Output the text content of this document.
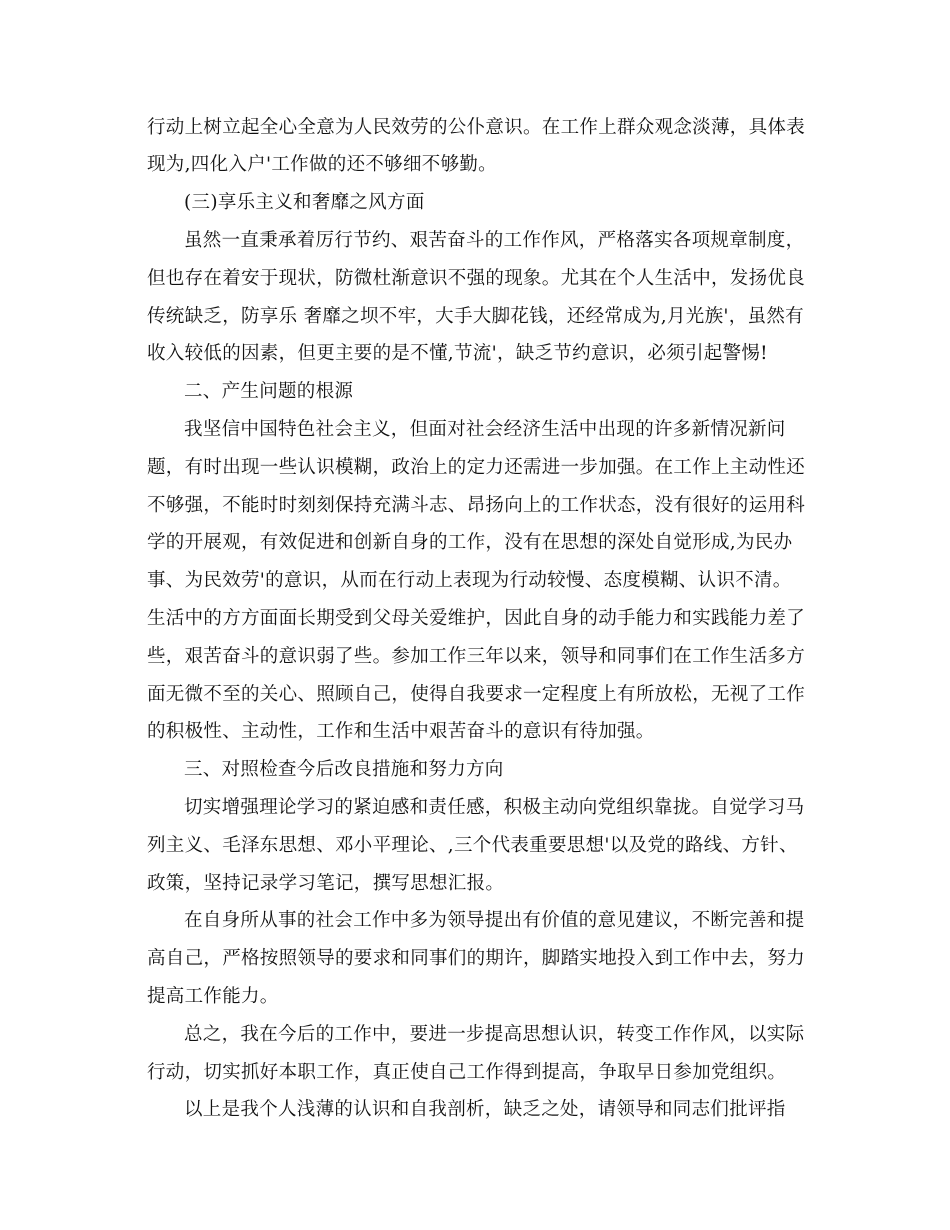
行动上树立起全心全意为人民效劳的公仆意识。在工作上群众观念淡薄，具体表
现为,四化入户'工作做的还不够细不够勤。
(三)享乐主义和奢靡之风方面
虽然一直秉承着厉行节约、艰苦奋斗的工作作风，严格落实各项规章制度，
但也存在着安于现状，防微杜渐意识不强的现象。尤其在个人生活中，发扬优良
传统缺乏，防享乐 奢靡之坝不牢，大手大脚花钱，还经常成为,月光族'，虽然有
收入较低的因素，但更主要的是不懂,节流'，缺乏节约意识，必须引起警惕!
二、产生问题的根源
我坚信中国特色社会主义，但面对社会经济生活中出现的许多新情况新问
题，有时出现一些认识模糊，政治上的定力还需进一步加强。在工作上主动性还
不够强，不能时时刻刻保持充满斗志、昂扬向上的工作状态，没有很好的运用科
学的开展观，有效促进和创新自身的工作，没有在思想的深处自觉形成,为民办
事、为民效劳'的意识，从而在行动上表现为行动较慢、态度模糊、认识不清。
生活中的方方面面长期受到父母关爱维护，因此自身的动手能力和实践能力差了
些，艰苦奋斗的意识弱了些。参加工作三年以来，领导和同事们在工作生活多方
面无微不至的关心、照顾自己，使得自我要求一定程度上有所放松，无视了工作
的积极性、主动性，工作和生活中艰苦奋斗的意识有待加强。
三、对照检查今后改良措施和努力方向
切实增强理论学习的紧迫感和责任感，积极主动向党组织靠拢。自觉学习马
列主义、毛泽东思想、邓小平理论、,三个代表重要思想'以及党的路线、方针、
政策，坚持记录学习笔记，撰写思想汇报。
在自身所从事的社会工作中多为领导提出有价值的意见建议，不断完善和提
高自己，严格按照领导的要求和同事们的期许，脚踏实地投入到工作中去，努力
提高工作能力。
总之，我在今后的工作中，要进一步提高思想认识，转变工作作风，以实际
行动，切实抓好本职工作，真正使自己工作得到提高，争取早日参加党组织。
以上是我个人浅薄的认识和自我剖析，缺乏之处，请领导和同志们批评指
